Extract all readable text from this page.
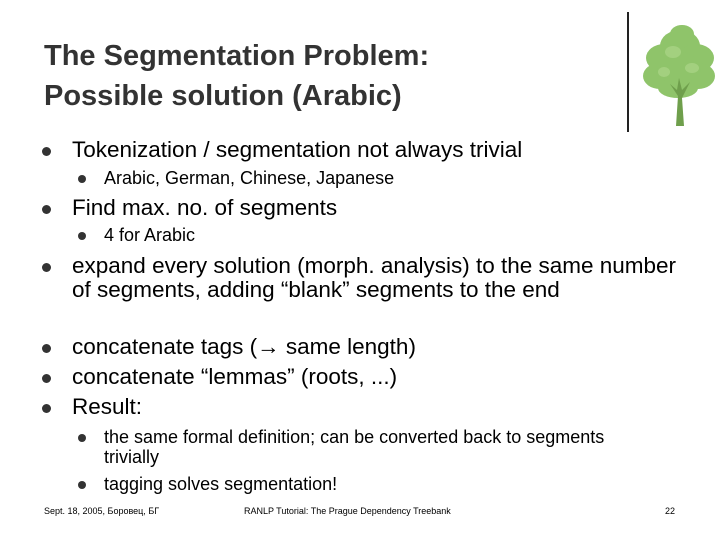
The Segmentation Problem:
Possible solution (Arabic)
Tokenization / segmentation not always trivial
Arabic, German, Chinese, Japanese
Find max. no. of segments
4 for Arabic
expand every solution (morph. analysis) to the same number of segments, adding “blank” segments to the end
concatenate tags (→ same length)
concatenate “lemmas” (roots, ...)
Result:
the same formal definition; can be converted back to segments trivially
tagging solves segmentation!
Sept. 18, 2005, Боровец, БГ	RANLP Tutorial: The Prague Dependency Treebank	22
